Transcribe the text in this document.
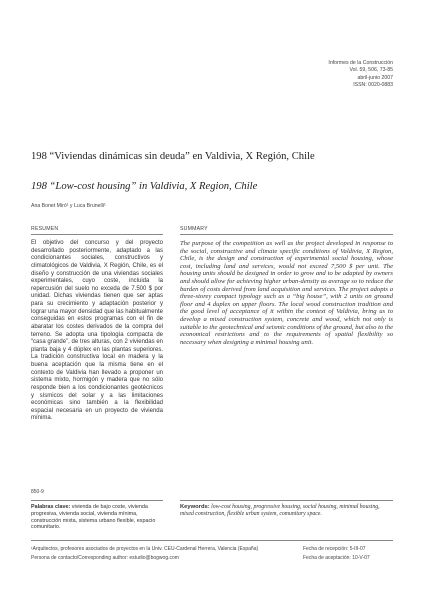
Informes de la Construcción
Vol. 59, 506, 73-85
abril-junio 2007
ISSN: 0020-0883
198 “Viviendas dinámicas sin deuda” en Valdivia, X Región, Chile
198 “Low-cost housing” in Valdivia, X Region, Chile
Ana Bonet Miró¹ y Luca Brunelli¹
RESUMEN	SUMMARY
El objetivo del concurso y del proyecto desarrollado posteriormente, adaptado a las condicionantes sociales, constructivos y climatológicos de Valdivia, X Región, Chile, es el diseño y construcción de una viviendas sociales experimentales, cuyo coste, incluida la repercusión del suelo no exceda de 7.500 $ por unidad. Dichas viviendas tienen que ser aptas para su crecimiento y adaptación posterior y lograr una mayor densidad que las habitualmente conseguidas en estos programas con el fin de abaratar los costes derivados de la compra del terreno. Se adopta una tipología compacta de “casa grande”, de tres alturas, con 2 viviendas en planta baja y 4 dúplex en las plantas superiores. La tradición constructiva local en madera y la buena aceptación que la misma tiene en el contexto de Valdivia han llevado a proponer un sistema mixto, hormigón y madera que no sólo responde bien a los condicionantes geotécnicos y sísmicos del solar y a las limitaciones económicas sino también a la flexibilidad espacial necesaria en un proyecto de vivienda mínima.
The purpose of the competition as well as the project developed in response to the social, constructive and climate specific conditions of Valdivia, X Region, Chile, is the design and construction of experimental social housing, whose cost, including land and services, would not exceed 7,500 $ per unit. The housing units should be designed in order to grow and to be adapted by owners and should allow for achieving higher urban-density as average so to reduce the burden of costs derived from land acquisition and services. The project adopts a three-storey compact typology such as a “big house”, with 2 units on ground floor and 4 duplex on upper floors. The local wood construction tradition and the good level of acceptance of it within the context of Valdivia, bring us to develop a mixed construction system, concrete and wood, which not only is suitable to the geotechnical and seismic conditions of the ground, but also to the economical restrictions and to the requirements of spatial flexibility so necessary when designing a minimal housing unit.
850-9
Palabras clave: vivienda de bajo coste, vivienda progresiva, vivienda social, vivienda mínima, construcción mixta, sistema urbano flexible, espacio comunitario.
Keywords: low-cost housing, progressive housing, social housing, minimal housing, mixed construction, flexible urban system, comunitary space.
¹Arquitectos, profesores asociados de proyectos en la Univ. CEU-Cardenal Herrera, Valencia (España)
Persona de contacto/Corresponding author: estudio@bogwog.com
Fecha de recepción: 5-III-07
Fecha de aceptación: 10-V-07
